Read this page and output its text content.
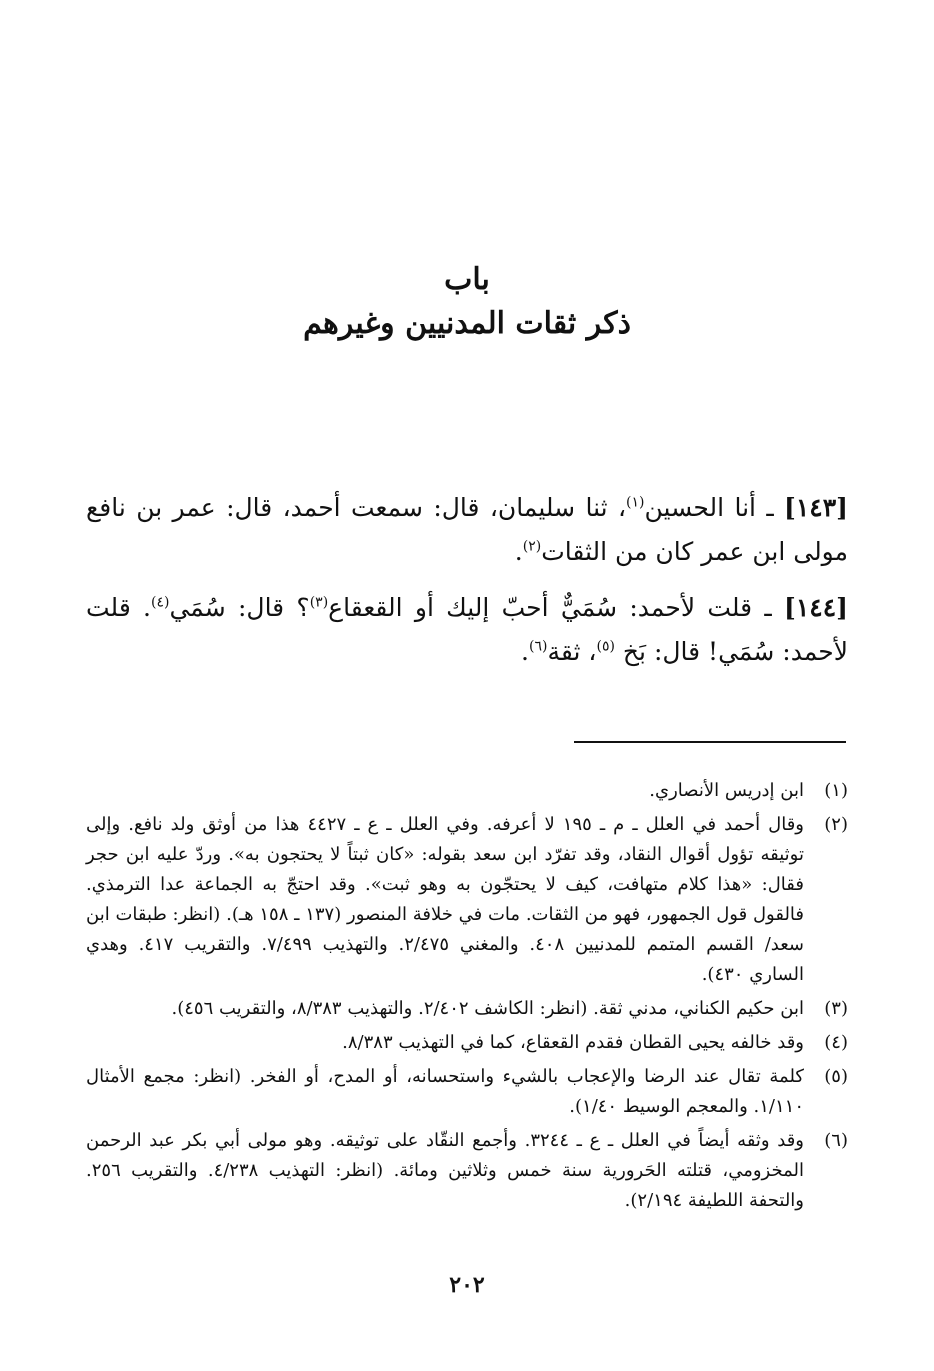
باب

ذكر ثقات المدنيين وغيرهم

[١٤٣] ـ أنا الحسين$^{(١)}$، ثنا سليمان، قال: سمعت أحمد، قال: عمر بن نافع مولى ابن عمر كان من الثقات$^{(٢)}$.

[١٤٤] ـ قلت لأحمد: سُمَيٌّ أحبّ إليك أو القعقاع$^{(٣)}$؟ قال: سُمَي$^{(٤)}$. قلت لأحمد: سُمَي! قال: بَخ $^{(٥)}$، ثقة$^{(٦)}$.

(١)
ابن إدريس الأنصاري.
(٢)
وقال أحمد في العلل ـ م ـ ١٩٥ لا أعرفه. وفي العلل ـ ع ـ ٤٤٢٧ هذا من أوثق ولد نافع. وإلى توثيقه تؤول أقوال النقاد، وقد تفرّد ابن سعد بقوله: «كان ثبتاً لا يحتجون به». وردّ عليه ابن حجر فقال: «هذا كلام متهافت، كيف لا يحتجّون به وهو ثبت». وقد احتجّ به الجماعة عدا الترمذي. فالقول قول الجمهور، فهو من الثقات. مات في خلافة المنصور (١٣٧ ـ ١٥٨ هـ). (انظر: طبقات ابن سعد/ القسم المتمم للمدنيين ٤٠٨. والمغني ٢/٤٧٥. والتهذيب ٧/٤٩٩. والتقريب ٤١٧. وهدي الساري ٤٣٠).
(٣)
ابن حكيم الكناني، مدني ثقة. (انظر: الكاشف ٢/٤٠٢. والتهذيب ٨/٣٨٣، والتقريب ٤٥٦).
(٤)
وقد خالفه يحيى القطان فقدم القعقاع، كما في التهذيب ٨/٣٨٣.
(٥)
كلمة تقال عند الرضا والإعجاب بالشيء واستحسانه، أو المدح، أو الفخر. (انظر: مجمع الأمثال ١/١١٠. والمعجم الوسيط ١/٤٠).
(٦)
وقد وثقه أيضاً في العلل ـ ع ـ ٣٢٤٤. وأجمع النقّاد على توثيقه. وهو مولى أبي بكر عبد الرحمن المخزومي، قتلته الحَرورية سنة خمس وثلاثين ومائة. (انظر: التهذيب ٤/٢٣٨. والتقريب ٢٥٦. والتحفة اللطيفة ٢/١٩٤).
٢٠٢
